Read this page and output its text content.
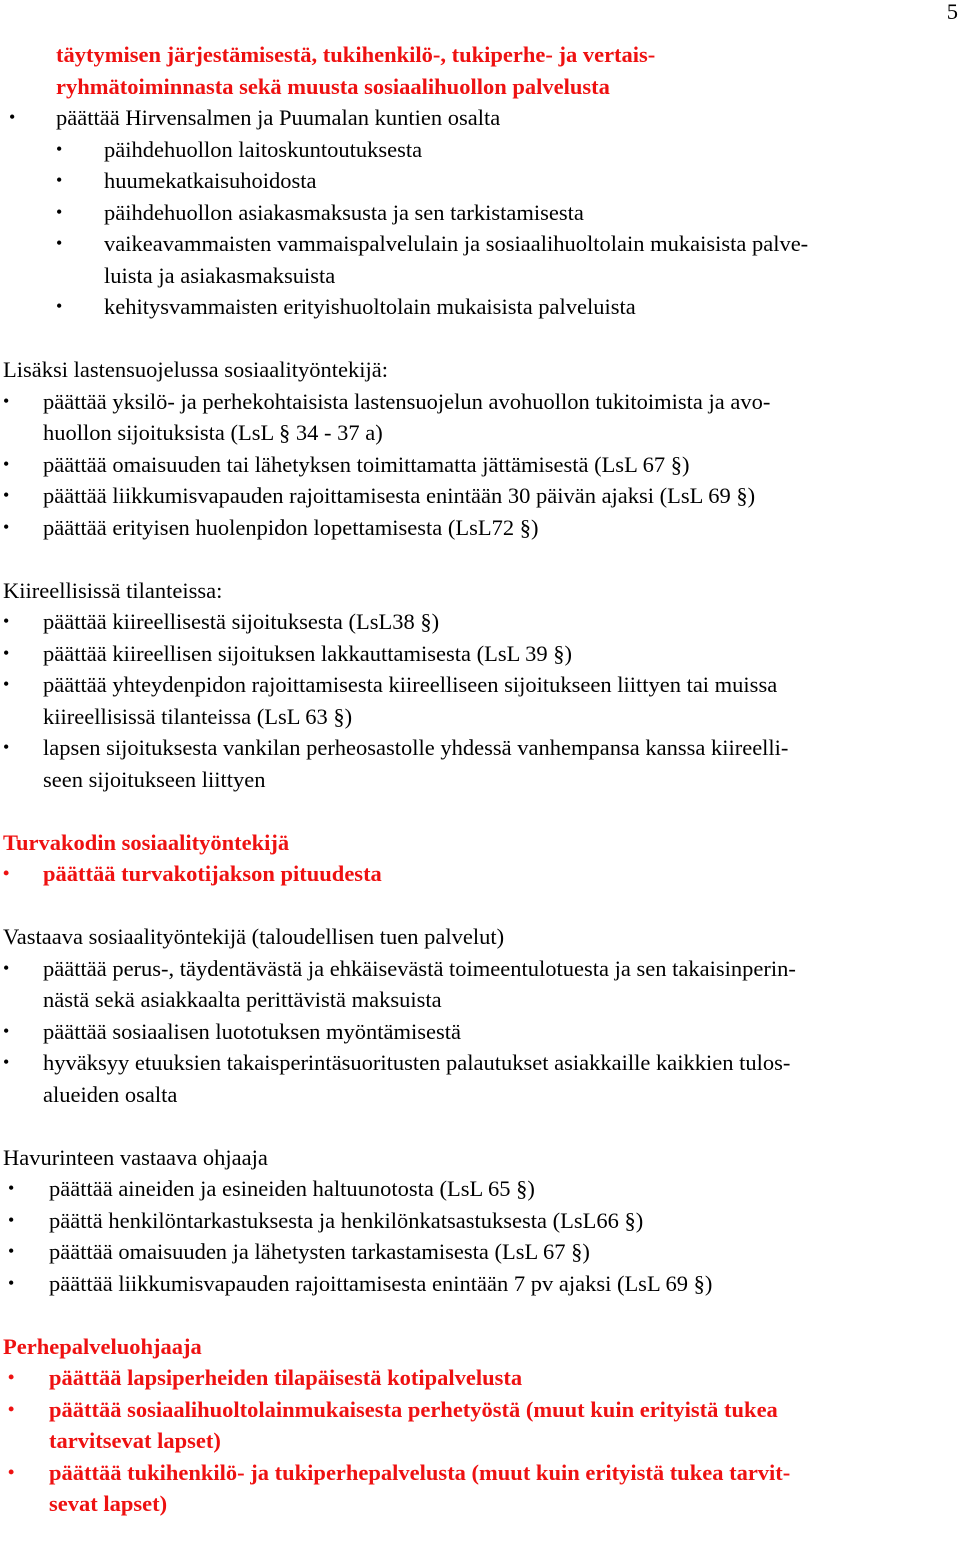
5

täytymisen järjestämisestä, tukihenkilö-, tukiperhe- ja vertais-

ryhmätoiminnasta sekä muusta sosiaalihuollon palvelusta

• päättää Hirvensalmen ja Puumalan kuntien osalta

• päihdehuollon laitoskuntoutuksesta

• huumekatkaisuhoidosta

• päihdehuollon asiakasmaksusta ja sen tarkistamisesta

• vaikeavammaisten vammaispalvelulain ja sosiaalihuoltolain mukaisista palve-

luista ja asiakasmaksuista

• kehitysvammaisten erityishuoltolain mukaisista palveluista

Lisäksi lastensuojelussa sosiaalityöntekijä:

• päättää yksilö- ja perhekohtaisista lastensuojelun avohuollon tukitoimista ja avo-

huollon sijoituksista (LsL § 34 - 37 a)

• päättää omaisuuden tai lähetyksen toimittamatta jättämisestä (LsL 67 §)

• päättää liikkumisvapauden rajoittamisesta enintään 30 päivän ajaksi (LsL 69 §)

• päättää erityisen huolenpidon lopettamisesta (LsL72 §)

Kiireellisissä tilanteissa:

• päättää kiireellisestä sijoituksesta (LsL38 §)

• päättää kiireellisen sijoituksen lakkauttamisesta (LsL 39 §)

• päättää yhteydenpidon rajoittamisesta kiireelliseen sijoitukseen liittyen tai muissa

kiireellisissä tilanteissa (LsL 63 §)

• lapsen sijoituksesta vankilan perheosastolle yhdessä vanhempansa kanssa kiireelli-

seen sijoitukseen liittyen

Turvakodin sosiaalityöntekijä

• päättää turvakotijakson pituudesta

Vastaava sosiaalityöntekijä (taloudellisen tuen palvelut)

• päättää perus-, täydentävästä ja ehkäisevästä toimeentulotuesta ja sen takaisinperin-

nästä sekä asiakkaalta perittävistä maksuista

• päättää sosiaalisen luototuksen myöntämisestä

• hyväksyy etuuksien takaisperintäsuoritusten palautukset asiakkaille kaikkien tulos-

alueiden osalta

Havurinteen vastaava ohjaaja

• päättää aineiden ja esineiden haltuunotosta (LsL 65 §)

• päättä henkilöntarkastuksesta ja henkilönkatsastuksesta (LsL66 §)

• päättää omaisuuden ja lähetysten tarkastamisesta (LsL 67 §)

• päättää liikkumisvapauden rajoittamisesta enintään 7 pv ajaksi (LsL 69 §)

Perhepalveluohjaaja

• päättää lapsiperheiden tilapäisestä kotipalvelusta

• päättää sosiaalihuoltolainmukaisesta perhetyöstä (muut kuin erityistä tukea

tarvitsevat lapset)

• päättää tukihenkilö- ja tukiperhepalvelusta (muut kuin erityistä tukea tarvit-

sevat lapset)
